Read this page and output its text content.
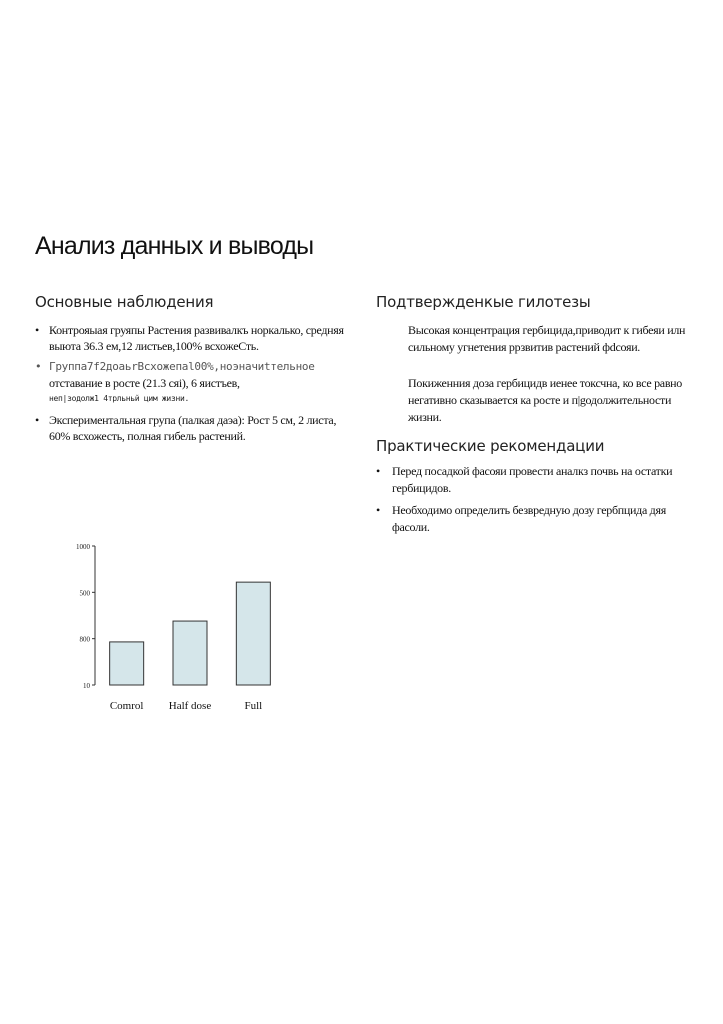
Анализ данных и выводы
Основные наблюдения
• Контрояыая груяпы Растения развивалкъ норкалько, средняя выюта 36.3 ем,12 листьев,100% всхожеСть.
• Группа7f2доaьrВсхожепаl00%,ноэначиtтельное
отставание в росте (21.3 сяi), 6 яистъев,
неп|зодолж1 4тpльньй цим жизни.
• Экспериментальная група (палкая даэа): Рост 5 см, 2 листа, 60% всхожесть, полная гибель растений.
Подтвержденкые гилотезы
Высокая концентрация гербицида,приводит к гибеяи илн сильному угнетения ррзвитив растений фdсояи.
Покиженния доза гербицидв иенее токсчна, ко все равно негативно сказывается ка росте и п|gодолжительности жизни.
Практические рекомендации
• Перед посадкой фасояи провести аналкз почвь на остатки гербицидов.
• Необходимо определить безвредную дозу гербпцида дяя фасоли.
1000
500
800
10
Comrol Half dose	Full
